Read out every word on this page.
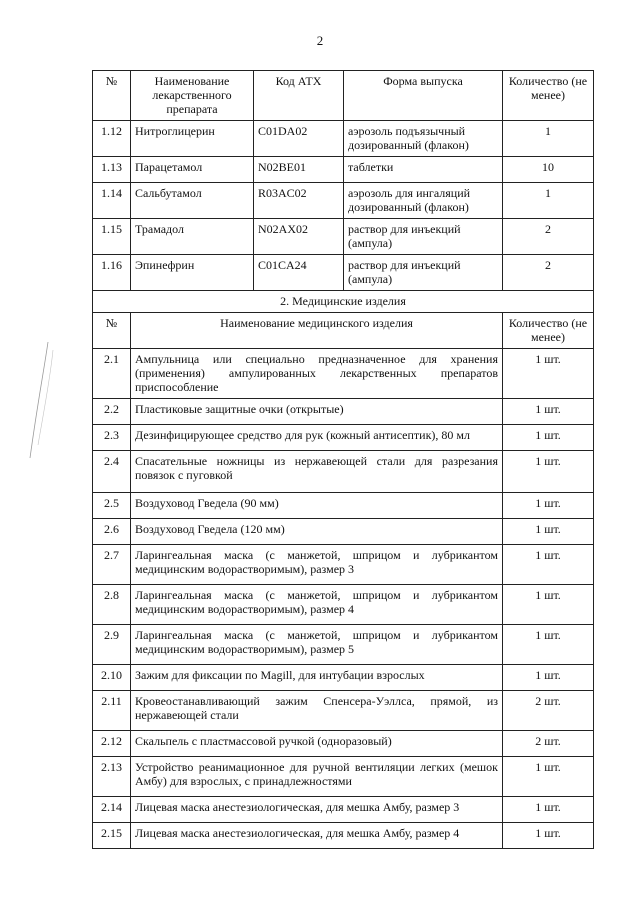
2
№	Наименование лекарственного препарата	Код АТХ	Форма выпуска	Количество (не менее)
1.12	Нитроглицерин	C01DA02	аэрозоль подъязычный дозированный (флакон)	1
1.13	Парацетамол	N02BE01	таблетки	10
1.14	Сальбутамол	R03AC02	аэрозоль для ингаляций дозированный (флакон)	1
1.15	Трамадол	N02AX02	раствор для инъекций (ампула)	2
1.16	Эпинефрин	C01CA24	раствор для инъекций (ампула)	2
2. Медицинские изделия				
№	Наименование медицинского изделия			Количество (не менее)
2.1	Ампульница или специально предназначенное для хранения (применения) ампулированных лекарственных препаратов приспособление			1 шт.
2.2	Пластиковые защитные очки (открытые)			1 шт.
2.3	Дезинфицирующее средство для рук (кожный антисептик), 80 мл			1 шт.
2.4	Спасательные ножницы из нержавеющей стали для разрезания повязок с пуговкой			1 шт.
2.5	Воздуховод Гведела (90 мм)			1 шт.
2.6	Воздуховод Гведела (120 мм)			1 шт.
2.7	Ларингеальная маска (с манжетой, шприцом и лубрикантом медицинским водорастворимым), размер 3			1 шт.
2.8	Ларингеальная маска (с манжетой, шприцом и лубрикантом медицинским водорастворимым), размер 4			1 шт.
2.9	Ларингеальная маска (с манжетой, шприцом и лубрикантом медицинским водорастворимым), размер 5			1 шт.
2.10	Зажим для фиксации по Magill, для интубации взрослых			1 шт.
2.11	Кровеостанавливающий зажим Спенсера-Уэллса, прямой, из нержавеющей стали			2 шт.
2.12	Скальпель с пластмассовой ручкой (одноразовый)			2 шт.
2.13	Устройство реанимационное для ручной вентиляции легких (мешок Амбу) для взрослых, с принадлежностями			1 шт.
2.14	Лицевая маска анестезиологическая, для мешка Амбу, размер 3			1 шт.
2.15	Лицевая маска анестезиологическая, для мешка Амбу, размер 4			1 шт.
